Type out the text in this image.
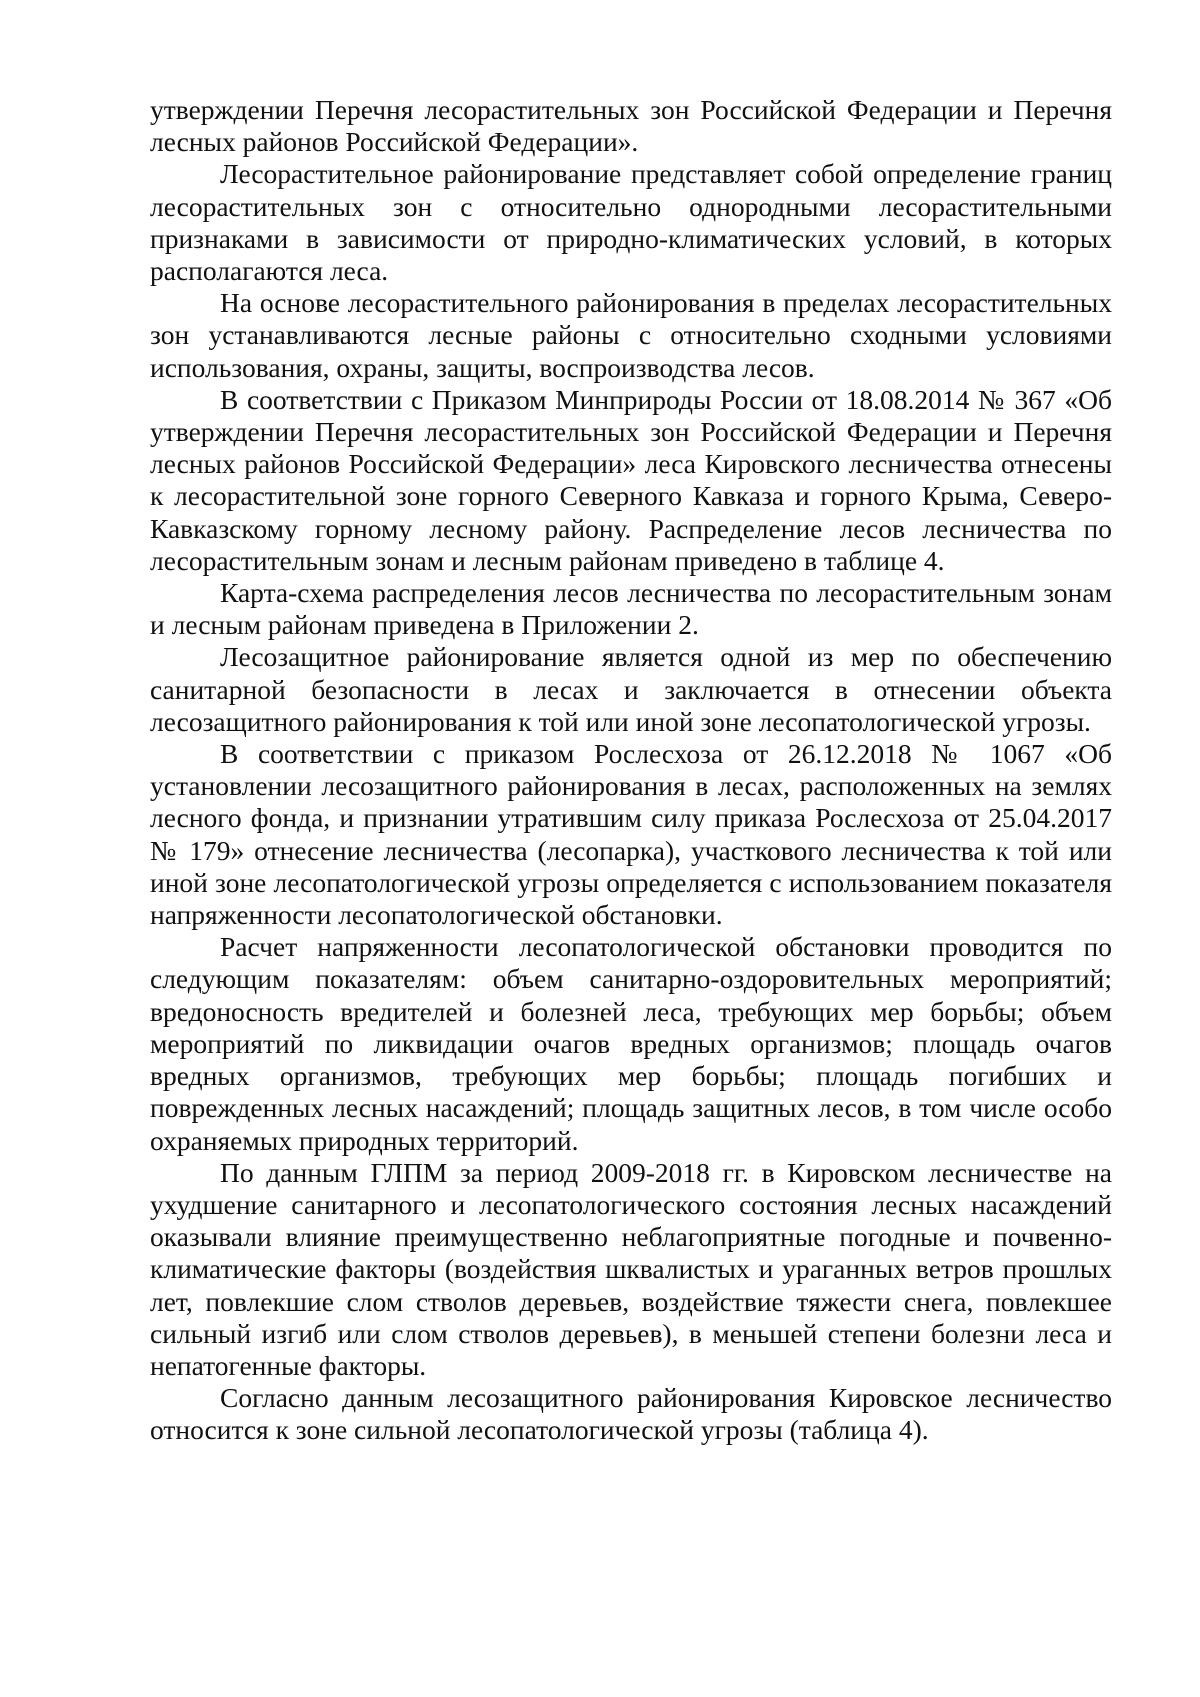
утверждении Перечня лесорастительных зон Российской Федерации и Перечня лесных районов Российской Федерации».

Лесорастительное районирование представляет собой определение границ лесорастительных зон с относительно однородными лесорастительными признаками в зависимости от природно-климатических условий, в которых располагаются леса.

На основе лесорастительного районирования в пределах лесорастительных зон устанавливаются лесные районы с относительно сходными условиями использования, охраны, защиты, воспроизводства лесов.

В соответствии с Приказом Минприроды России от 18.08.2014 № 367 «Об утверждении Перечня лесорастительных зон Российской Федерации и Перечня лесных районов Российской Федерации» леса Кировского лесничества отнесены к лесорастительной зоне горного Северного Кавказа и горного Крыма, Северо-Кавказскому горному лесному району. Распределение лесов лесничества по лесорастительным зонам и лесным районам приведено в таблице 4.

Карта-схема распределения лесов лесничества по лесорастительным зонам и лесным районам приведена в Приложении 2.

Лесозащитное районирование является одной из мер по обеспечению санитарной безопасности в лесах и заключается в отнесении объекта лесозащитного районирования к той или иной зоне лесопатологической угрозы.

В соответствии с приказом Рослесхоза от 26.12.2018 № 1067 «Об установлении лесозащитного районирования в лесах, расположенных на землях лесного фонда, и признании утратившим силу приказа Рослесхоза от 25.04.2017 № 179» отнесение лесничества (лесопарка), участкового лесничества к той или иной зоне лесопатологической угрозы определяется с использованием показателя напряженности лесопатологической обстановки.

Расчет напряженности лесопатологической обстановки проводится по следующим показателям: объем санитарно-оздоровительных мероприятий; вредоносность вредителей и болезней леса, требующих мер борьбы; объем мероприятий по ликвидации очагов вредных организмов; площадь очагов вредных организмов, требующих мер борьбы; площадь погибших и поврежденных лесных насаждений; площадь защитных лесов, в том числе особо охраняемых природных территорий.

По данным ГЛПМ за период 2009-2018 гг. в Кировском лесничестве на ухудшение санитарного и лесопатологического состояния лесных насаждений оказывали влияние преимущественно неблагоприятные погодные и почвенно-климатические факторы (воздействия шквалистых и ураганных ветров прошлых лет, повлекшие слом стволов деревьев, воздействие тяжести снега, повлекшее сильный изгиб или слом стволов деревьев), в меньшей степени болезни леса и непатогенные факторы.

Согласно данным лесозащитного районирования Кировское лесничество относится к зоне сильной лесопатологической угрозы (таблица 4).
